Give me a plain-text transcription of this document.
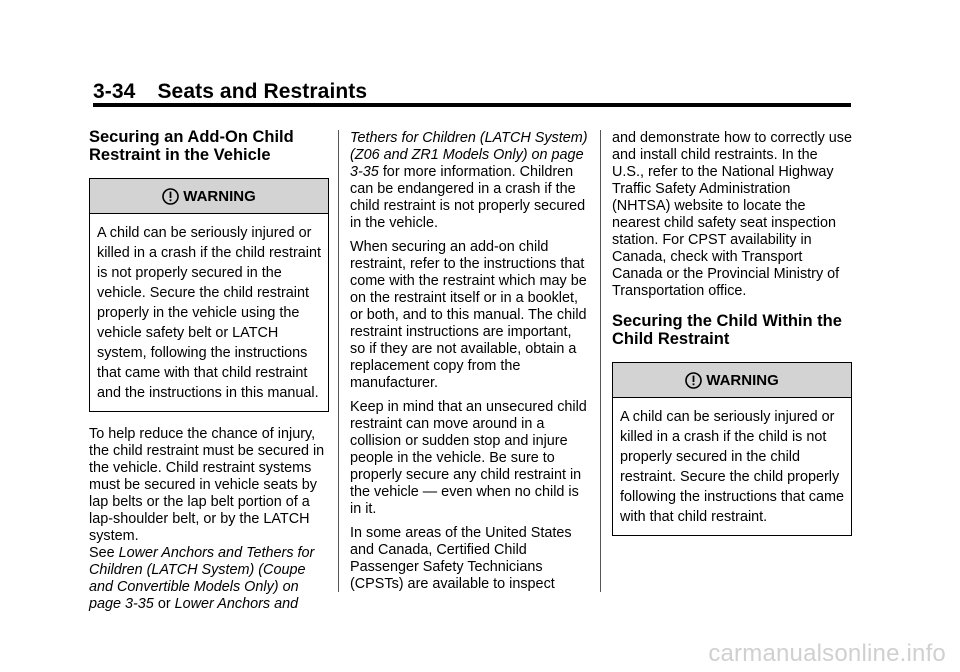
3-34 Seats and Restraints
Securing an Add-On Child Restraint in the Vehicle
WARNING
A child can be seriously injured or killed in a crash if the child restraint is not properly secured in the vehicle. Secure the child restraint properly in the vehicle using the vehicle safety belt or LATCH system, following the instructions that came with that child restraint and the instructions in this manual.

To help reduce the chance of injury, the child restraint must be secured in the vehicle. Child restraint systems must be secured in vehicle seats by lap belts or the lap belt portion of a lap-shoulder belt, or by the LATCH system.
See Lower Anchors and Tethers for Children (LATCH System) (Coupe and Convertible Models Only) on page 3-35 or Lower Anchors and

Tethers for Children (LATCH System) (Z06 and ZR1 Models Only) on page 3-35 for more information. Children can be endangered in a crash if the child restraint is not properly secured in the vehicle.

When securing an add-on child restraint, refer to the instructions that come with the restraint which may be on the restraint itself or in a booklet, or both, and to this manual. The child restraint instructions are important, so if they are not available, obtain a replacement copy from the manufacturer.

Keep in mind that an unsecured child restraint can move around in a collision or sudden stop and injure people in the vehicle. Be sure to properly secure any child restraint in the vehicle — even when no child is in it.

In some areas of the United States and Canada, Certified Child Passenger Safety Technicians (CPSTs) are available to inspect

and demonstrate how to correctly use and install child restraints. In the U.S., refer to the National Highway Traffic Safety Administration (NHTSA) website to locate the nearest child safety seat inspection station. For CPST availability in Canada, check with Transport Canada or the Provincial Ministry of Transportation office.

Securing the Child Within the Child Restraint
WARNING
A child can be seriously injured or killed in a crash if the child is not properly secured in the child restraint. Secure the child properly following the instructions that came with that child restraint.
carmanualsonline.info
